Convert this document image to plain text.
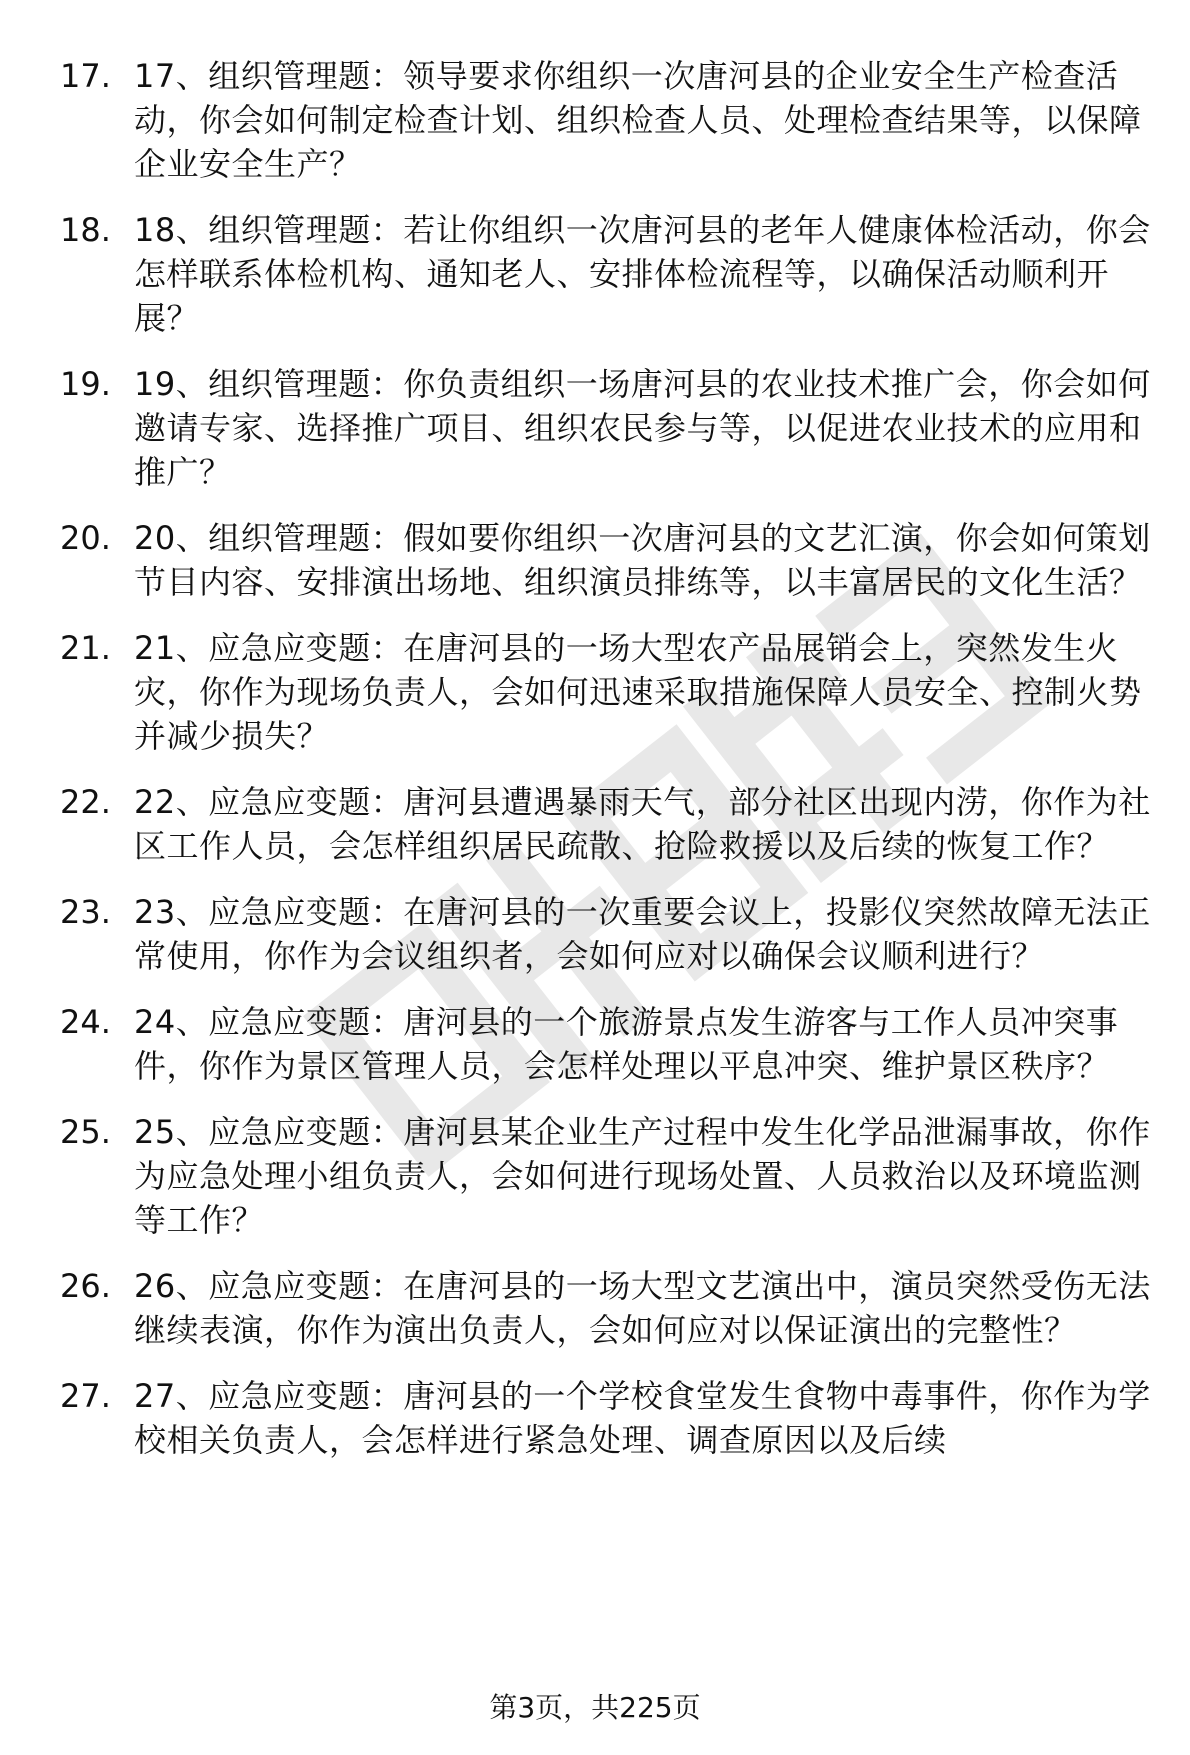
17. 17、组织管理题：领导要求你组织一次唐河县的企业安全生产检查活动，你会如何制定检查计划、组织检查人员、处理检查结果等，以保障企业安全生产？
18. 18、组织管理题：若让你组织一次唐河县的老年人健康体检活动，你会怎样联系体检机构、通知老人、安排体检流程等，以确保活动顺利开展？
19. 19、组织管理题：你负责组织一场唐河县的农业技术推广会，你会如何邀请专家、选择推广项目、组织农民参与等，以促进农业技术的应用和推广？
20. 20、组织管理题：假如要你组织一次唐河县的文艺汇演，你会如何策划节目内容、安排演出场地、组织演员排练等，以丰富居民的文化生活？
21. 21、应急应变题：在唐河县的一场大型农产品展销会上，突然发生火灾，你作为现场负责人，会如何迅速采取措施保障人员安全、控制火势并减少损失？
22. 22、应急应变题：唐河县遭遇暴雨天气，部分社区出现内涝，你作为社区工作人员，会怎样组织居民疏散、抢险救援以及后续的恢复工作？
23. 23、应急应变题：在唐河县的一次重要会议上，投影仪突然故障无法正常使用，你作为会议组织者，会如何应对以确保会议顺利进行？
24. 24、应急应变题：唐河县的一个旅游景点发生游客与工作人员冲突事件，你作为景区管理人员，会怎样处理以平息冲突、维护景区秩序？
25. 25、应急应变题：唐河县某企业生产过程中发生化学品泄漏事故，你作为应急处理小组负责人，会如何进行现场处置、人员救治以及环境监测等工作？
26. 26、应急应变题：在唐河县的一场大型文艺演出中，演员突然受伤无法继续表演，你作为演出负责人，会如何应对以保证演出的完整性？
27. 27、应急应变题：唐河县的一个学校食堂发生食物中毒事件，你作为学校相关负责人，会怎样进行紧急处理、调查原因以及后续
第3页，共225页
